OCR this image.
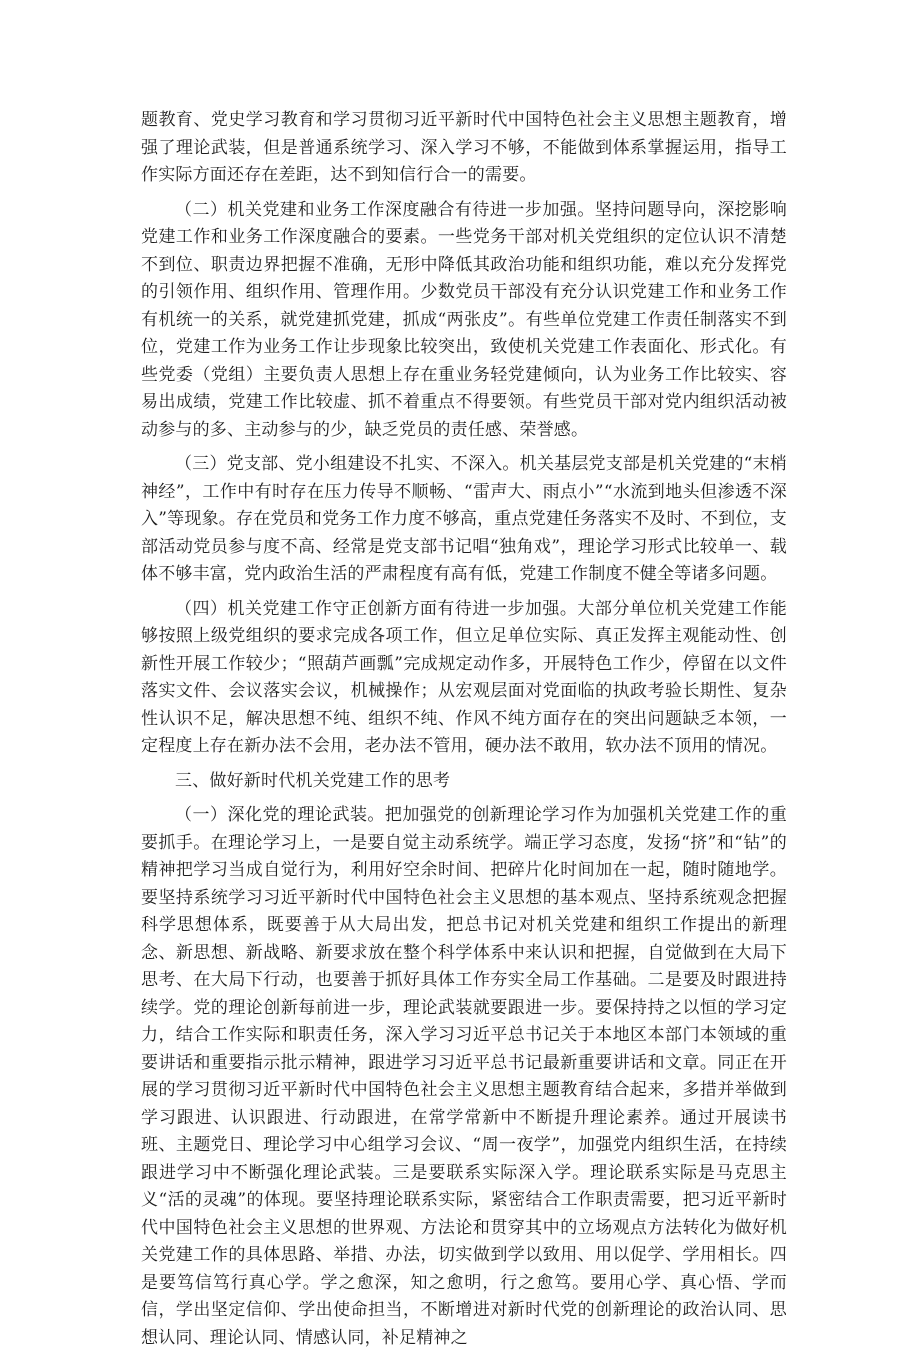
题教育、党史学习教育和学习贯彻习近平新时代中国特色社会主义思想主题教育，增强了理论武装，但是普通系统学习、深入学习不够，不能做到体系掌握运用，指导工作实际方面还存在差距，达不到知信行合一的需要。

（二）机关党建和业务工作深度融合有待进一步加强。坚持问题导向，深挖影响党建工作和业务工作深度融合的要素。一些党务干部对机关党组织的定位认识不清楚不到位、职责边界把握不准确，无形中降低其政治功能和组织功能，难以充分发挥党的引领作用、组织作用、管理作用。少数党员干部没有充分认识党建工作和业务工作有机统一的关系，就党建抓党建，抓成“两张皮”。有些单位党建工作责任制落实不到位，党建工作为业务工作让步现象比较突出，致使机关党建工作表面化、形式化。有些党委（党组）主要负责人思想上存在重业务轻党建倾向，认为业务工作比较实、容易出成绩，党建工作比较虚、抓不着重点不得要领。有些党员干部对党内组织活动被动参与的多、主动参与的少，缺乏党员的责任感、荣誉感。

（三）党支部、党小组建设不扎实、不深入。机关基层党支部是机关党建的“末梢神经”，工作中有时存在压力传导不顺畅、“雷声大、雨点小”“水流到地头但渗透不深入”等现象。存在党员和党务工作力度不够高，重点党建任务落实不及时、不到位，支部活动党员参与度不高、经常是党支部书记唱“独角戏”，理论学习形式比较单一、载体不够丰富，党内政治生活的严肃程度有高有低，党建工作制度不健全等诸多问题。

（四）机关党建工作守正创新方面有待进一步加强。大部分单位机关党建工作能够按照上级党组织的要求完成各项工作，但立足单位实际、真正发挥主观能动性、创新性开展工作较少；“照葫芦画瓢”完成规定动作多，开展特色工作少，停留在以文件落实文件、会议落实会议，机械操作；从宏观层面对党面临的执政考验长期性、复杂性认识不足，解决思想不纯、组织不纯、作风不纯方面存在的突出问题缺乏本领，一定程度上存在新办法不会用，老办法不管用，硬办法不敢用，软办法不顶用的情况。

三、做好新时代机关党建工作的思考

（一）深化党的理论武装。把加强党的创新理论学习作为加强机关党建工作的重要抓手。在理论学习上，一是要自觉主动系统学。端正学习态度，发扬“挤”和“钻”的精神把学习当成自觉行为，利用好空余时间、把碎片化时间加在一起，随时随地学。要坚持系统学习习近平新时代中国特色社会主义思想的基本观点、坚持系统观念把握科学思想体系，既要善于从大局出发，把总书记对机关党建和组织工作提出的新理念、新思想、新战略、新要求放在整个科学体系中来认识和把握，自觉做到在大局下思考、在大局下行动，也要善于抓好具体工作夯实全局工作基础。二是要及时跟进持续学。党的理论创新每前进一步，理论武装就要跟进一步。要保持持之以恒的学习定力，结合工作实际和职责任务，深入学习习近平总书记关于本地区本部门本领域的重要讲话和重要指示批示精神，跟进学习习近平总书记最新重要讲话和文章。同正在开展的学习贯彻习近平新时代中国特色社会主义思想主题教育结合起来，多措并举做到学习跟进、认识跟进、行动跟进，在常学常新中不断提升理论素养。通过开展读书班、主题党日、理论学习中心组学习会议、“周一夜学”，加强党内组织生活，在持续跟进学习中不断强化理论武装。三是要联系实际深入学。理论联系实际是马克思主义“活的灵魂”的体现。要坚持理论联系实际，紧密结合工作职责需要，把习近平新时代中国特色社会主义思想的世界观、方法论和贯穿其中的立场观点方法转化为做好机关党建工作的具体思路、举措、办法，切实做到学以致用、用以促学、学用相长。四是要笃信笃行真心学。学之愈深，知之愈明，行之愈笃。要用心学、真心悟、学而信，学出坚定信仰、学出使命担当，不断增进对新时代党的创新理论的政治认同、思想认同、理论认同、情感认同，补足精神之
